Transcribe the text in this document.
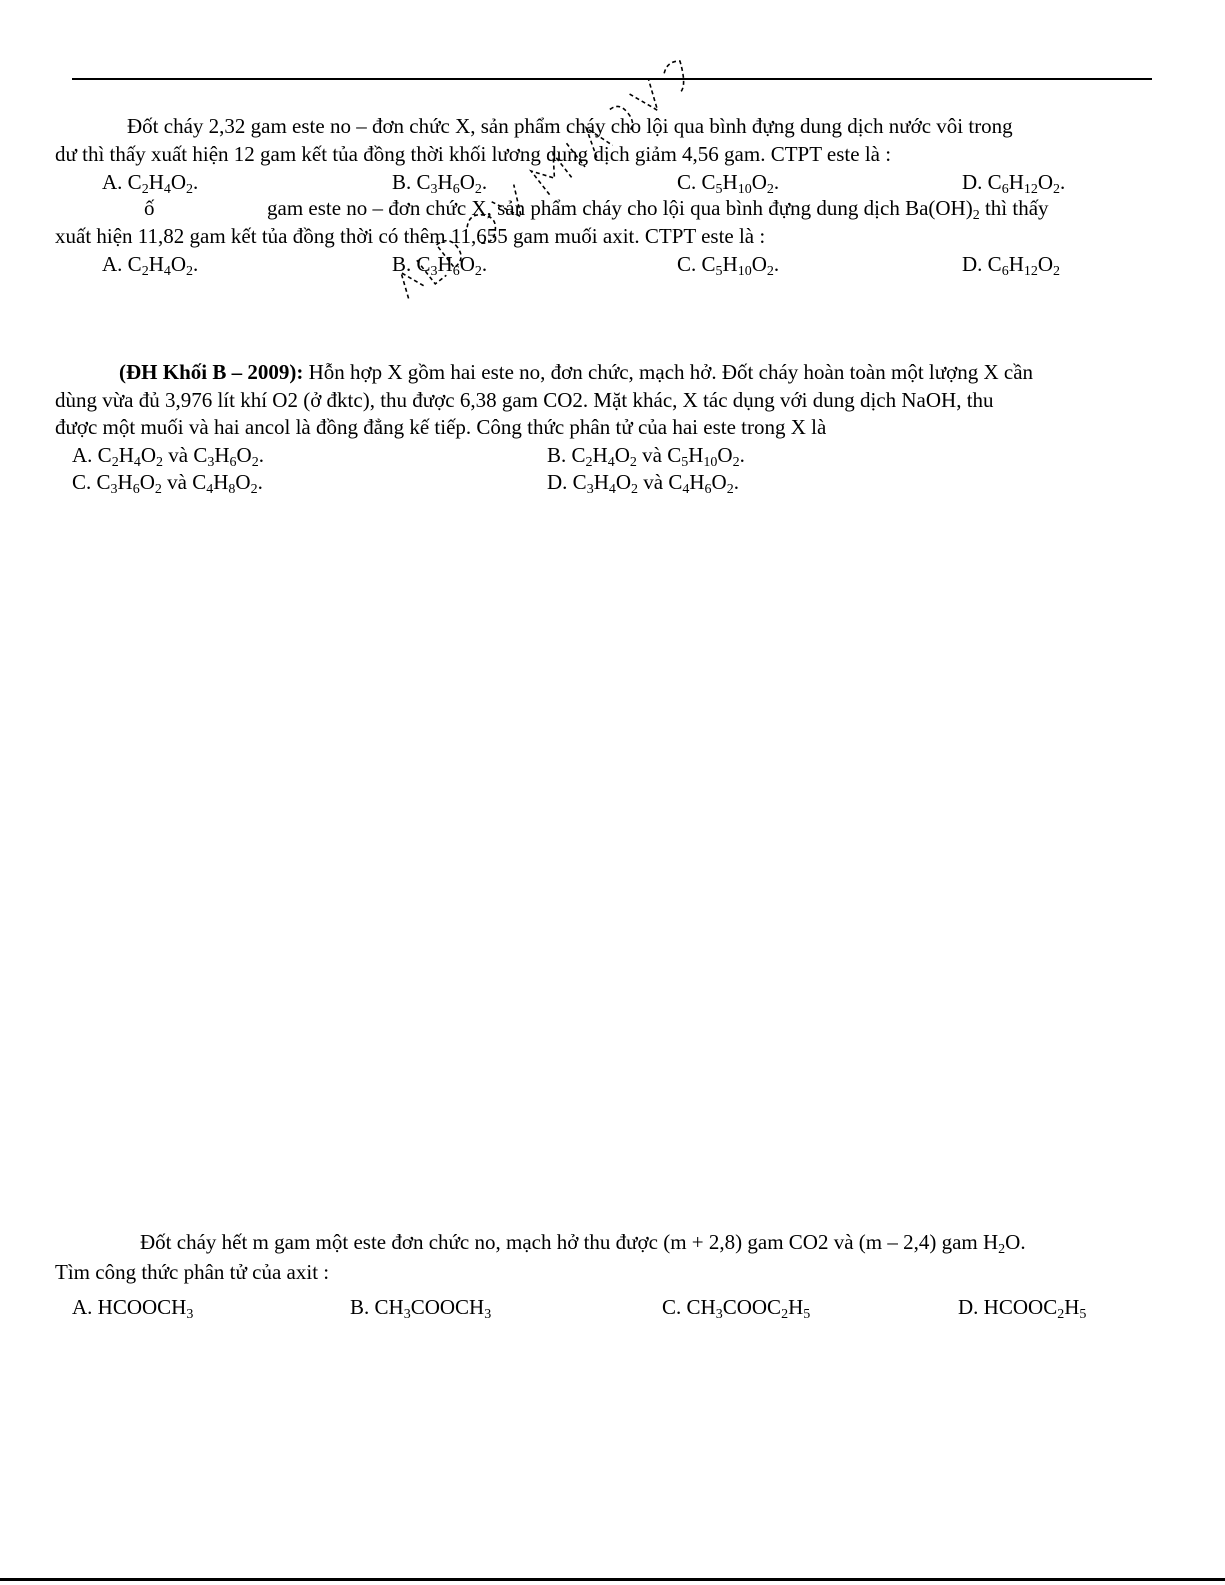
Đốt cháy 2,32 gam este no – đơn chức X, sản phẩm cháy cho lội qua bình đựng dung dịch nước vôi trong
dư thì thấy xuất hiện 12 gam kết tủa đồng thời khối lương dung dịch giảm 4,56 gam. CTPT este là :
A. $C_2H_4O_2$.	B. $C_3H_6O_2$.	C. $C_5H_{10}O_2$.	D. $C_6H_{12}O_2$.
ố	gam este no – đơn chức X, sản phẩm cháy cho lội qua bình đựng dung dịch $Ba(OH)_2$ thì thấy
xuất hiện 11,82 gam kết tủa đồng thời có thêm 11,655 gam muối axit. CTPT este là :
A. $C_2H_4O_2$.	B. $C_3H_6O_2$.	C. $C_5H_{10}O_2$.	D. $C_6H_{12}O_2$
(ĐH Khối B – 2009): Hỗn hợp X gồm hai este no, đơn chức, mạch hở. Đốt cháy hoàn toàn một lượng X cần
dùng vừa đủ 3,976 lít khí O2 (ở đktc), thu được 6,38 gam CO2. Mặt khác, X tác dụng với dung dịch NaOH, thu
được một muối và hai ancol là đồng đẳng kế tiếp. Công thức phân tử của hai este trong X là
A. $C_2H_4O_2$ và $C_3H_6O_2$.	B. $C_2H_4O_2$ và $C_5H_{10}O_2$.
C. $C_3H_6O_2$ và $C_4H_8O_2$.	D. $C_3H_4O_2$ và $C_4H_6O_2$.
Đốt cháy hết m gam một este đơn chức no, mạch hở thu được (m + 2,8) gam CO2 và (m – 2,4) gam $H_2O$.
Tìm công thức phân tử của axit :
A. $HCOOCH_3$	B. $CH_3COOCH_3$	C. $CH_3COOC_2H_5$	D. $HCOOC_2H_5$
